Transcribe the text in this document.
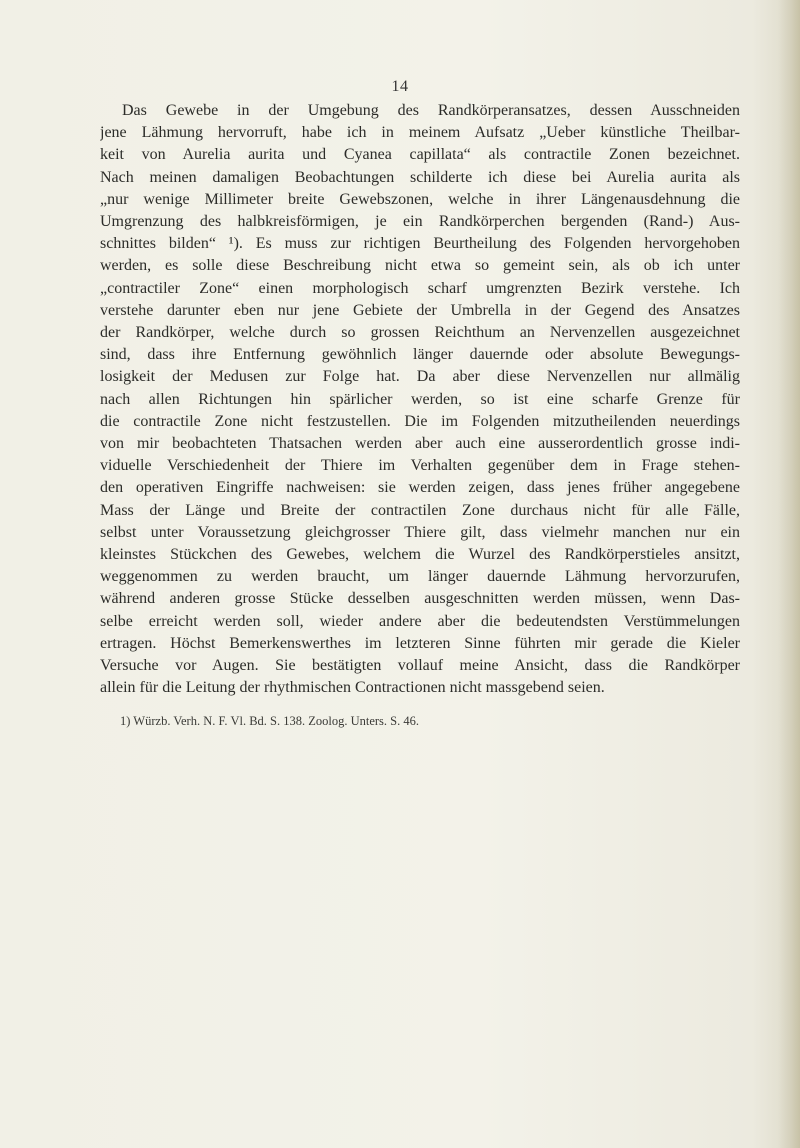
14
Das Gewebe in der Umgebung des Randkörperansatzes, dessen Ausschneiden
jene Lähmung hervorruft, habe ich in meinem Aufsatz „Ueber künstliche Theilbar-
keit von Aurelia aurita und Cyanea capillata“ als contractile Zonen bezeichnet.
Nach meinen damaligen Beobachtungen schilderte ich diese bei Aurelia aurita als
„nur wenige Millimeter breite Gewebszonen, welche in ihrer Längenausdehnung die
Umgrenzung des halbkreisförmigen, je ein Randkörperchen bergenden (Rand-) Aus-
schnittes bilden“ ¹). Es muss zur richtigen Beurtheilung des Folgenden hervorgehoben
werden, es solle diese Beschreibung nicht etwa so gemeint sein, als ob ich unter
„contractiler Zone“ einen morphologisch scharf umgrenzten Bezirk verstehe. Ich
verstehe darunter eben nur jene Gebiete der Umbrella in der Gegend des Ansatzes
der Randkörper, welche durch so grossen Reichthum an Nervenzellen ausgezeichnet
sind, dass ihre Entfernung gewöhnlich länger dauernde oder absolute Bewegungs-
losigkeit der Medusen zur Folge hat. Da aber diese Nervenzellen nur allmälig
nach allen Richtungen hin spärlicher werden, so ist eine scharfe Grenze für
die contractile Zone nicht festzustellen. Die im Folgenden mitzutheilenden neuerdings
von mir beobachteten Thatsachen werden aber auch eine ausserordentlich grosse indi-
viduelle Verschiedenheit der Thiere im Verhalten gegenüber dem in Frage stehen-
den operativen Eingriffe nachweisen: sie werden zeigen, dass jenes früher angegebene
Mass der Länge und Breite der contractilen Zone durchaus nicht für alle Fälle,
selbst unter Voraussetzung gleichgrosser Thiere gilt, dass vielmehr manchen nur ein
kleinstes Stückchen des Gewebes, welchem die Wurzel des Randkörperstieles ansitzt,
weggenommen zu werden braucht, um länger dauernde Lähmung hervorzurufen,
während anderen grosse Stücke desselben ausgeschnitten werden müssen, wenn Das-
selbe erreicht werden soll, wieder andere aber die bedeutendsten Verstümmelungen
ertragen. Höchst Bemerkenswerthes im letzteren Sinne führten mir gerade die Kieler
Versuche vor Augen. Sie bestätigten vollauf meine Ansicht, dass die Randkörper
allein für die Leitung der rhythmischen Contractionen nicht massgebend seien.
1) Würzb. Verh. N. F. Vl. Bd. S. 138. Zoolog. Unters. S. 46.
